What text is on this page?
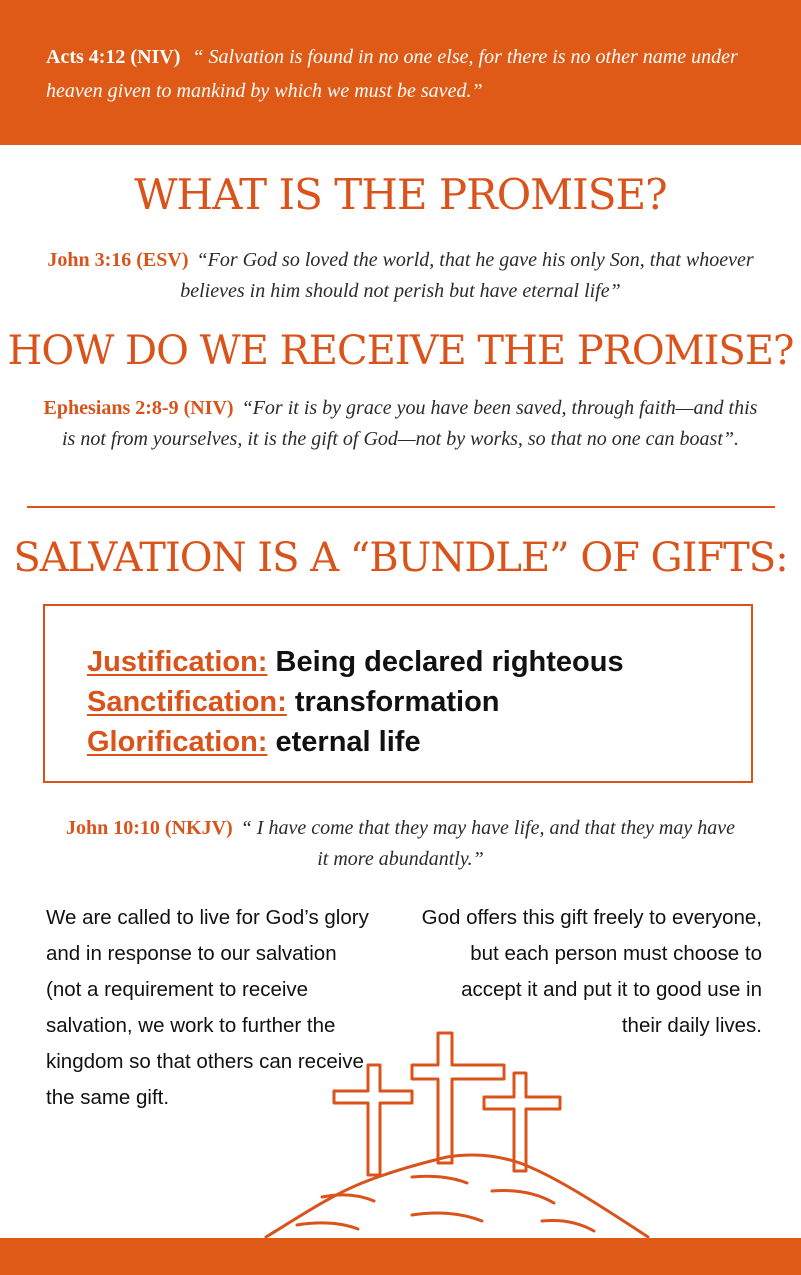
Acts 4:12 (NIV) “ Salvation is found in no one else, for there is no other name under heaven given to mankind by which we must be saved.”
WHAT IS THE PROMISE?
John 3:16 (ESV) “For God so loved the world, that he gave his only Son, that whoever believes in him should not perish but have eternal life”
HOW DO WE RECEIVE THE PROMISE?
Ephesians 2:8-9 (NIV) “For it is by grace you have been saved, through faith—and this is not from yourselves, it is the gift of God—not by works, so that no one can boast”.
SALVATION IS A “BUNDLE” OF GIFTS:
Justification: Being declared righteous
Sanctification: transformation
Glorification: eternal life
John 10:10 (NKJV) “ I have come that they may have life, and that they may have it more abundantly.”
We are called to live for God’s glory and in response to our salvation (not a requirement to receive salvation, we work to further the kingdom so that others can receive the same gift.
God offers this gift freely to everyone, but each person must choose to accept it and put it to good use in their daily lives.
